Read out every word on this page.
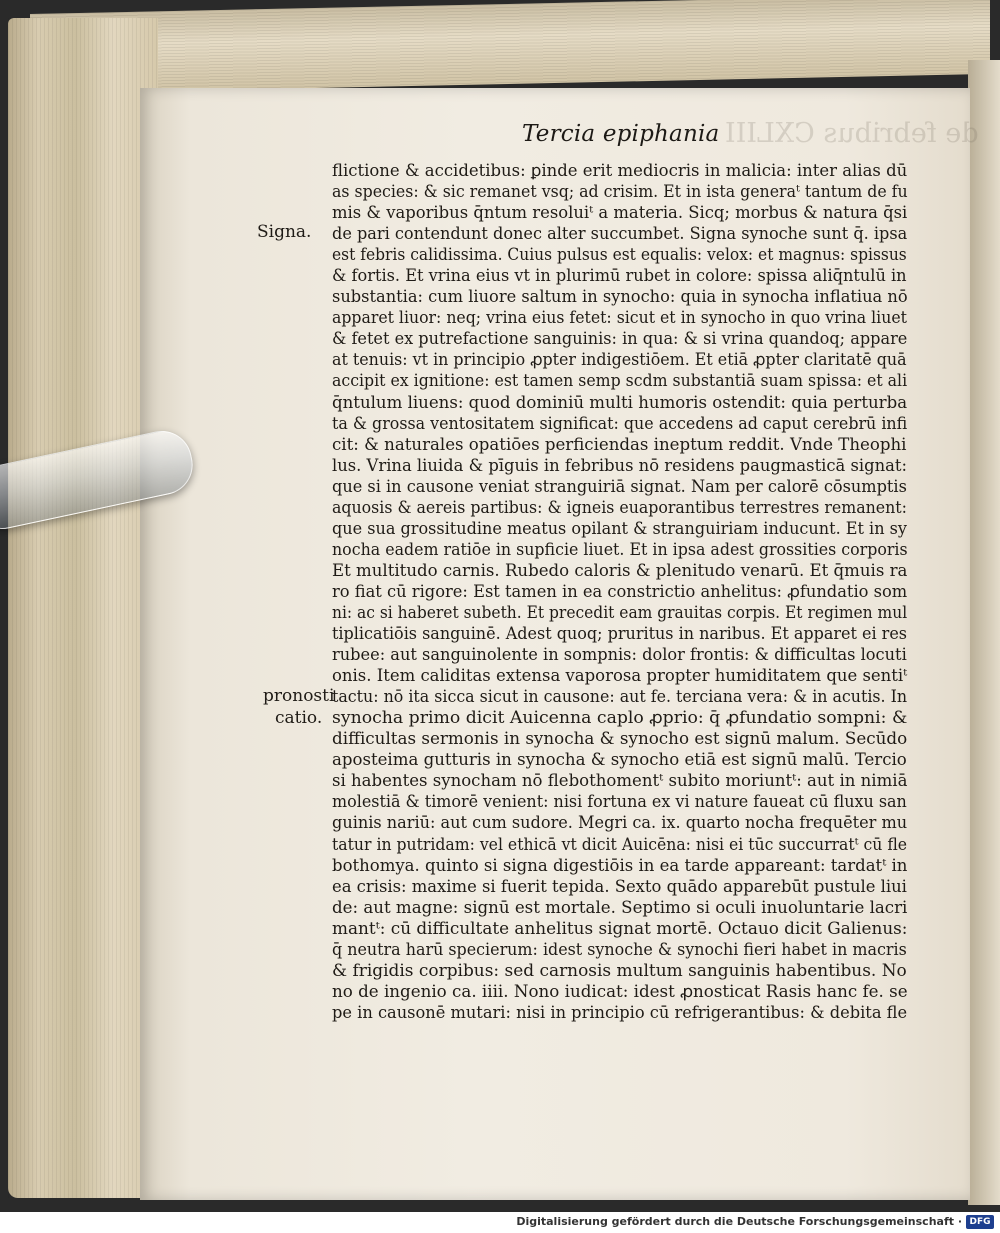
de febribus CXLIII
Tercia epiphania
Signa.
pronosti
catio.
flictione & accidetibus: ꝑinde erit mediocris in malicia: inter alias dū
as species: & sic remanet vsq; ad crisim. Et in ista generaᵗ tantum de fu
mis & vaporibus q̄ntum resoluiᵗ a materia. Sicq; morbus & natura q̄si
de pari contendunt donec alter succumbet. Signa synoche sunt q̄. ipsa
est febris calidissima. Cuius pulsus est equalis: velox: et magnus: spissus
& fortis. Et vrina eius vt in plurimū rubet in colore: spissa aliq̄ntulū in
substantia: cum liuore saltum in synocho: quia in synocha inflatiua nō
apparet liuor: neq; vrina eius fetet: sicut et in synocho in quo vrina liuet
& fetet ex putrefactione sanguinis: in qua: & si vrina quandoq; appare
at tenuis: vt in principio ꝓpter indigestiōem. Et etiā ꝓpter claritatē quā
accipit ex ignitione: est tamen semp scdm substantiā suam spissa: et ali
q̄ntulum liuens: quod dominiū multi humoris ostendit: quia perturba
ta & grossa ventositatem significat: que accedens ad caput cerebrū infi
cit: & naturales opatiōes perficiendas ineptum reddit. Vnde Theophi
lus. Vrina liuida & pīguis in febribus nō residens paugmasticā signat:
que si in causone veniat stranguiriā signat. Nam per calorē cōsumptis
aquosis & aereis partibus: & igneis euaporantibus terrestres remanent:
que sua grossitudine meatus opilant & stranguiriam inducunt. Et in sy
nocha eadem ratiōe in supficie liuet. Et in ipsa adest grossities corporis
Et multitudo carnis. Rubedo caloris & plenitudo venarū. Et q̄muis ra
ro fiat cū rigore: Est tamen in ea constrictio anhelitus: ꝓfundatio som
ni: ac si haberet subeth. Et precedit eam grauitas corpis. Et regimen mul
tiplicatiōis sanguinē. Adest quoq; pruritus in naribus. Et apparet ei res
rubee: aut sanguinolente in sompnis: dolor frontis: & difficultas locuti
onis. Item caliditas extensa vaporosa propter humiditatem que sentiᵗ
tactu: nō ita sicca sicut in causone: aut fe. terciana vera: & in acutis. In
synocha primo dicit Auicenna caplo ꝓprio: q̄ ꝓfundatio sompni: &
difficultas sermonis in synocha & synocho est signū malum. Secūdo
aposteima gutturis in synocha & synocho etiā est signū malū. Tercio
si habentes synocham nō flebothomentᵗ subito moriuntᵗ: aut in nimiā
molestiā & timorē venient: nisi fortuna ex vi nature faueat cū fluxu san
guinis nariū: aut cum sudore. Megri ca. ix. quarto nocha frequēter mu
tatur in putridam: vel ethicā vt dicit Auicēna: nisi ei tūc succurratᵗ cū fle
bothomya. quinto si signa digestiōis in ea tarde appareant: tardatᵗ in
ea crisis: maxime si fuerit tepida. Sexto quādo apparebūt pustule liui
de: aut magne: signū est mortale. Septimo si oculi inuoluntarie lacri
mantᵗ: cū difficultate anhelitus signat mortē. Octauo dicit Galienus:
q̄ neutra harū specierum: idest synoche & synochi fieri habet in macris
& frigidis corpibus: sed carnosis multum sanguinis habentibus. No
no de ingenio ca. iiii. Nono iudicat: idest ꝓnosticat Rasis hanc fe. se
pe in causonē mutari: nisi in principio cū refrigerantibus: & debita fle
Digitalisierung gefördert durch die Deutsche Forschungsgemeinschaft · DFG
